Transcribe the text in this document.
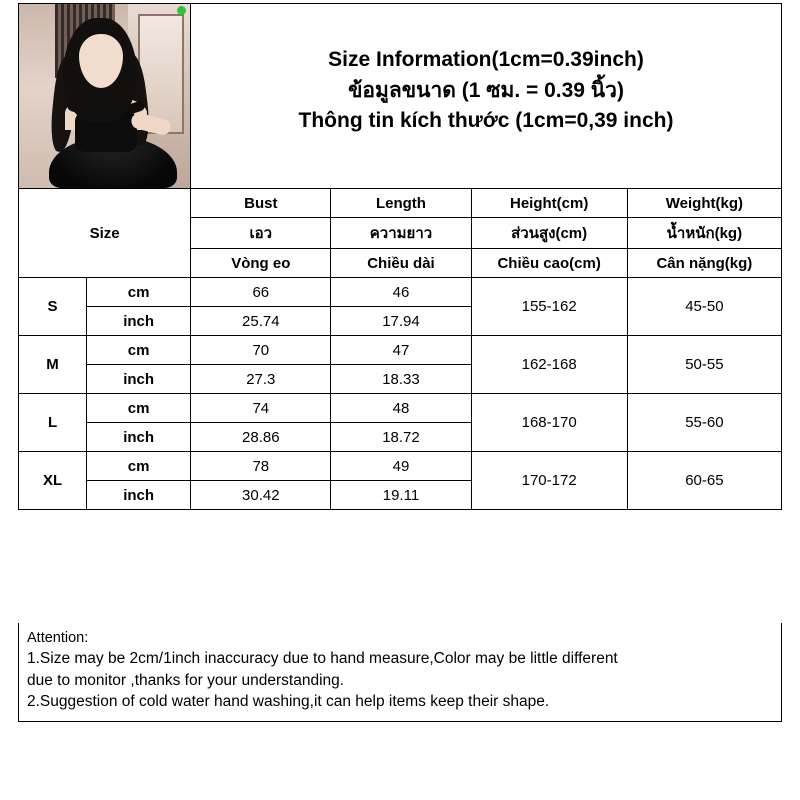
Size Information(1cm=0.39inch)
ข้อมูลขนาด (1 ซม. = 0.39 นิ้ว)
Thông tin kích thước (1cm=0,39 inch)
Size		Bust	Length	Height(cm)	Weight(kg)
		เอว	ความยาว	ส่วนสูง(cm)	น้ำหนัก(kg)
		Vòng eo	Chiều dài	Chiều cao(cm)	Cân nặng(kg)
S	cm	66	46	155-162	45-50
	inch	25.74	17.94		
M	cm	70	47	162-168	50-55
	inch	27.3	18.33		
L	cm	74	48	168-170	55-60
	inch	28.86	18.72		
XL	cm	78	49	170-172	60-65
	inch	30.42	19.11		

Attention:

1.Size may be 2cm/1inch inaccuracy due to hand measure,Color may be little different

due to monitor ,thanks for your understanding.

2.Suggestion of cold water hand washing,it can help items keep their shape.
